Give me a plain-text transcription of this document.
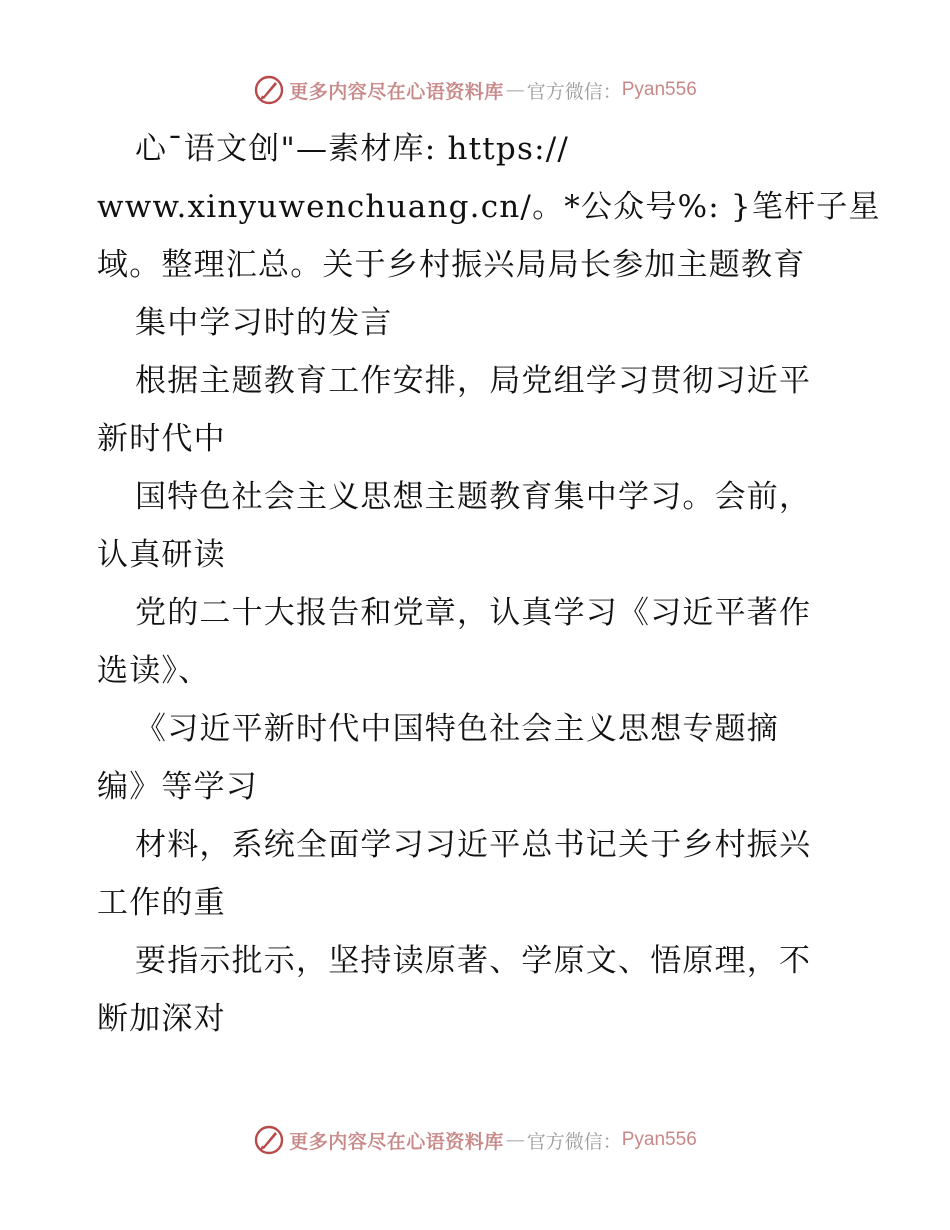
更多内容尽在心语资料库 — 官方微信： Pyan556
心¯语文创"—素材库: https://
www.xinyuwenchuang.cn/。*公众号%: }笔杆子星
域。整理汇总。关于乡村振兴局局长参加主题教育
集中学习时的发言
根据主题教育工作安排，局党组学习贯彻习近平
新时代中
国特色社会主义思想主题教育集中学习。会前，
认真研读
党的二十大报告和党章，认真学习《习近平著作
选读》、
《习近平新时代中国特色社会主义思想专题摘
编》等学习
材料，系统全面学习习近平总书记关于乡村振兴
工作的重
要指示批示，坚持读原著、学原文、悟原理，不
断加深对
更多内容尽在心语资料库 — 官方微信： Pyan556
